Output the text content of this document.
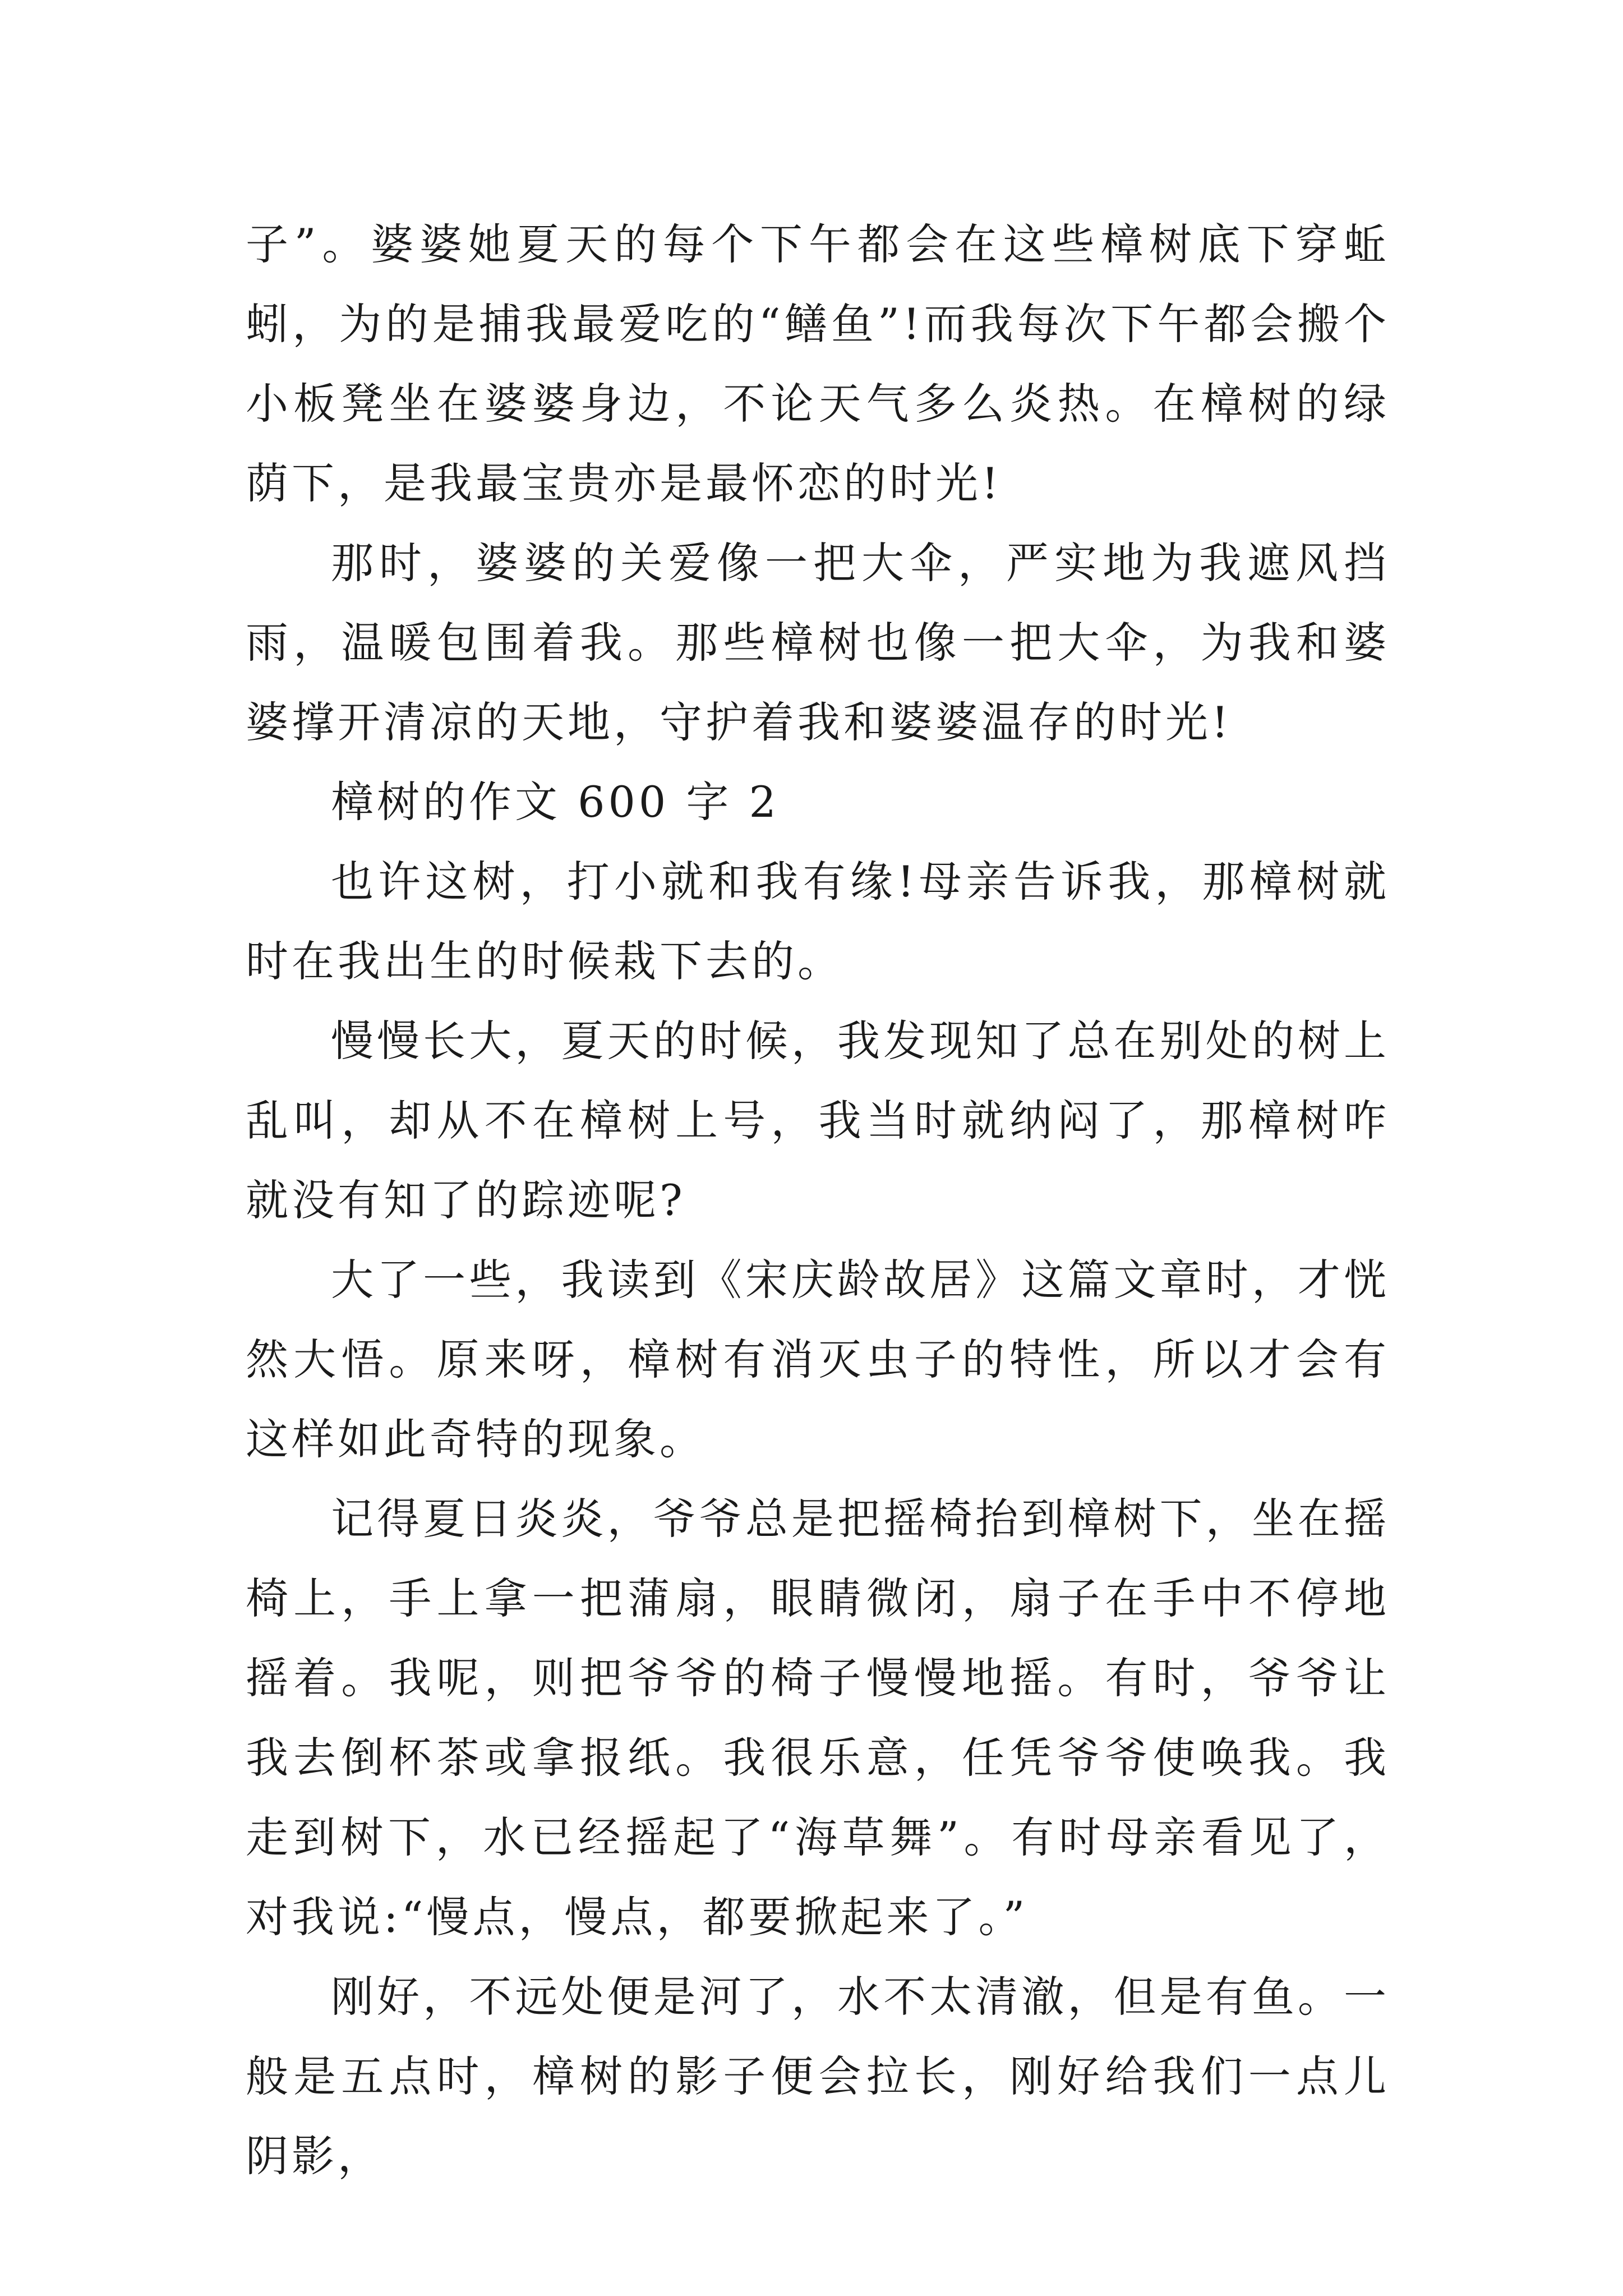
子”。婆婆她夏天的每个下午都会在这些樟树底下穿蚯蚓，为的是捕我最爱吃的“鳝鱼”!而我每次下午都会搬个小板凳坐在婆婆身边，不论天气多么炎热。在樟树的绿荫下，是我最宝贵亦是最怀恋的时光!

那时，婆婆的关爱像一把大伞，严实地为我遮风挡雨，温暖包围着我。那些樟树也像一把大伞，为我和婆婆撑开清凉的天地，守护着我和婆婆温存的时光!

樟树的作文 600 字 2

也许这树，打小就和我有缘!母亲告诉我，那樟树就时在我出生的时候栽下去的。

慢慢长大，夏天的时候，我发现知了总在别处的树上乱叫，却从不在樟树上号，我当时就纳闷了，那樟树咋就没有知了的踪迹呢?

大了一些，我读到《宋庆龄故居》这篇文章时，才恍然大悟。原来呀，樟树有消灭虫子的特性，所以才会有这样如此奇特的现象。

记得夏日炎炎，爷爷总是把摇椅抬到樟树下，坐在摇椅上，手上拿一把蒲扇，眼睛微闭，扇子在手中不停地摇着。我呢，则把爷爷的椅子慢慢地摇。有时，爷爷让我去倒杯茶或拿报纸。我很乐意，任凭爷爷使唤我。我走到树下，水已经摇起了“海草舞”。有时母亲看见了，对我说:“慢点，慢点，都要掀起来了。”

刚好，不远处便是河了，水不太清澈，但是有鱼。一般是五点时，樟树的影子便会拉长，刚好给我们一点儿阴影，
